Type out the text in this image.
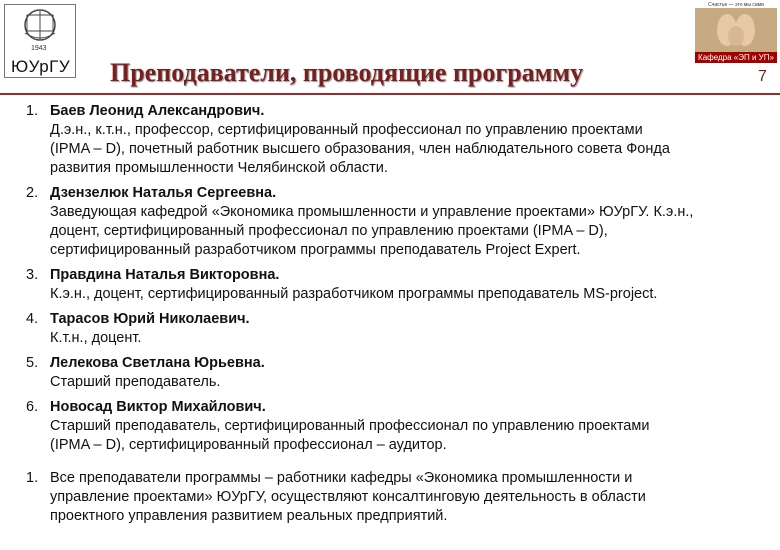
1943
ЮУрГУ Преподаватели, проводящие программу	7
Счастье — это мы сами
Кафедра «ЭП и УП»
1. Баев Леонид Александрович.
Д.э.н., к.т.н., профессор, сертифицированный профессионал по управлению проектами
(IPMA – D), почетный работник высшего образования, член наблюдательного совета Фонда
развития промышленности Челябинской области.
2. Дзензелюк Наталья Сергеевна.
Заведующая кафедрой «Экономика промышленности и управление проектами» ЮУрГУ. К.э.н.,
доцент, сертифицированный профессионал по управлению проектами (IPMA – D),
сертифицированный разработчиком программы преподаватель Project Expert.
3. Правдина Наталья Викторовна.
К.э.н., доцент, сертифицированный разработчиком программы преподаватель MS-project.
4. Тарасов Юрий Николаевич.
К.т.н., доцент.
5. Лелекова Светлана Юрьевна.
Старший преподаватель.
6. Новосад Виктор Михайлович.
Старший преподаватель, сертифицированный профессионал по управлению проектами
(IPMA – D), сертифицированный профессионал – аудитор.
1. Все преподаватели программы – работники кафедры «Экономика промышленности и
управление проектами» ЮУрГУ, осуществляют консалтинговую деятельность в области
проектного управления развитием реальных предприятий.
